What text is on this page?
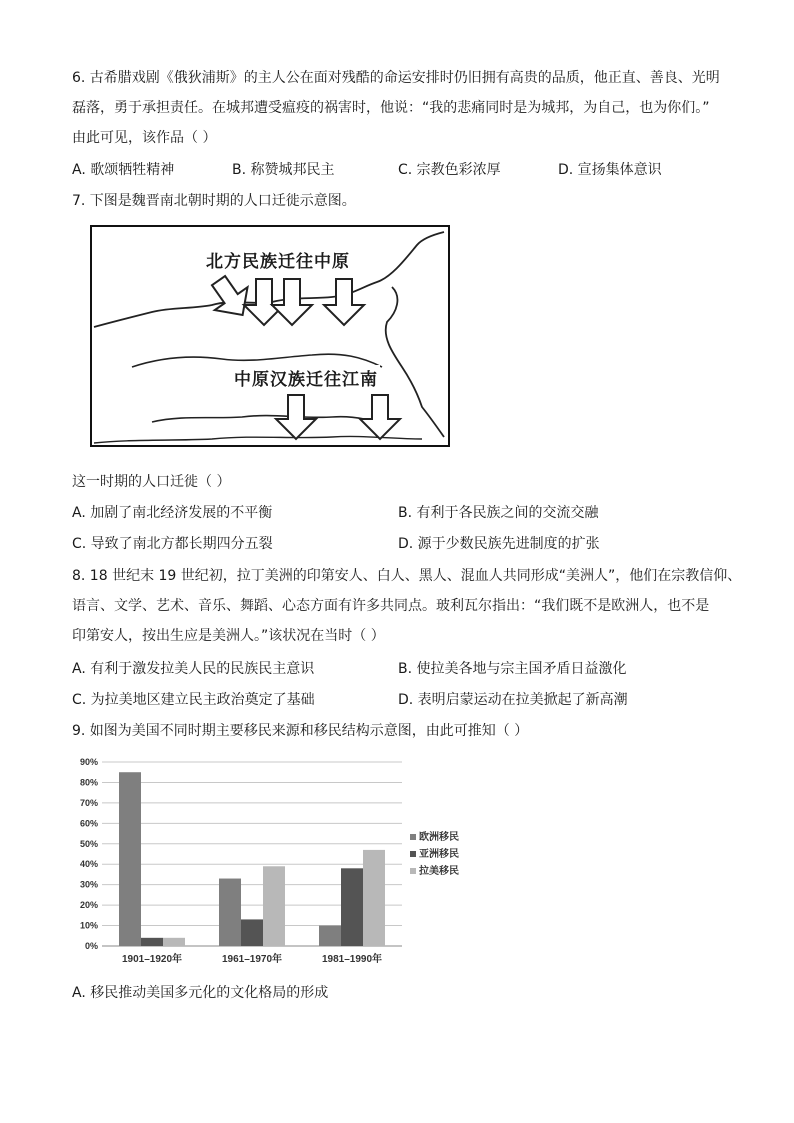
6. 古希腊戏剧《俄狄浦斯》的主人公在面对残酷的命运安排时仍旧拥有高贵的品质，他正直、善良、光明
磊落，勇于承担责任。在城邦遭受瘟疫的祸害时，他说：“我的悲痛同时是为城邦，为自己，也为你们。”
由此可见，该作品（ ）
A. 歌颂牺牲精神	B. 称赞城邦民主	C. 宗教色彩浓厚	D. 宣扬集体意识
7. 下图是魏晋南北朝时期的人口迁徙示意图。
北方民族迁往中原
中原汉族迁往江南
这一时期的人口迁徙（ ）
A. 加剧了南北经济发展的不平衡	B. 有利于各民族之间的交流交融
C. 导致了南北方都长期四分五裂	D. 源于少数民族先进制度的扩张
8. 18 世纪末 19 世纪初，拉丁美洲的印第安人、白人、黑人、混血人共同形成“美洲人”，他们在宗教信仰、
语言、文学、艺术、音乐、舞蹈、心态方面有许多共同点。玻利瓦尔指出：“我们既不是欧洲人，也不是
印第安人，按出生应是美洲人。”该状况在当时（ ）
A. 有利于激发拉美人民的民族民主意识	B. 使拉美各地与宗主国矛盾日益激化
C. 为拉美地区建立民主政治奠定了基础	D. 表明启蒙运动在拉美掀起了新高潮
9. 如图为美国不同时期主要移民来源和移民结构示意图，由此可推知（ ）
0%
10%
20%
30%
40%
50%
60%
70%
80%
90%
1901–1920年	1961–1970年	1981–1990年
欧洲移民
亚洲移民
拉美移民
A. 移民推动美国多元化的文化格局的形成
